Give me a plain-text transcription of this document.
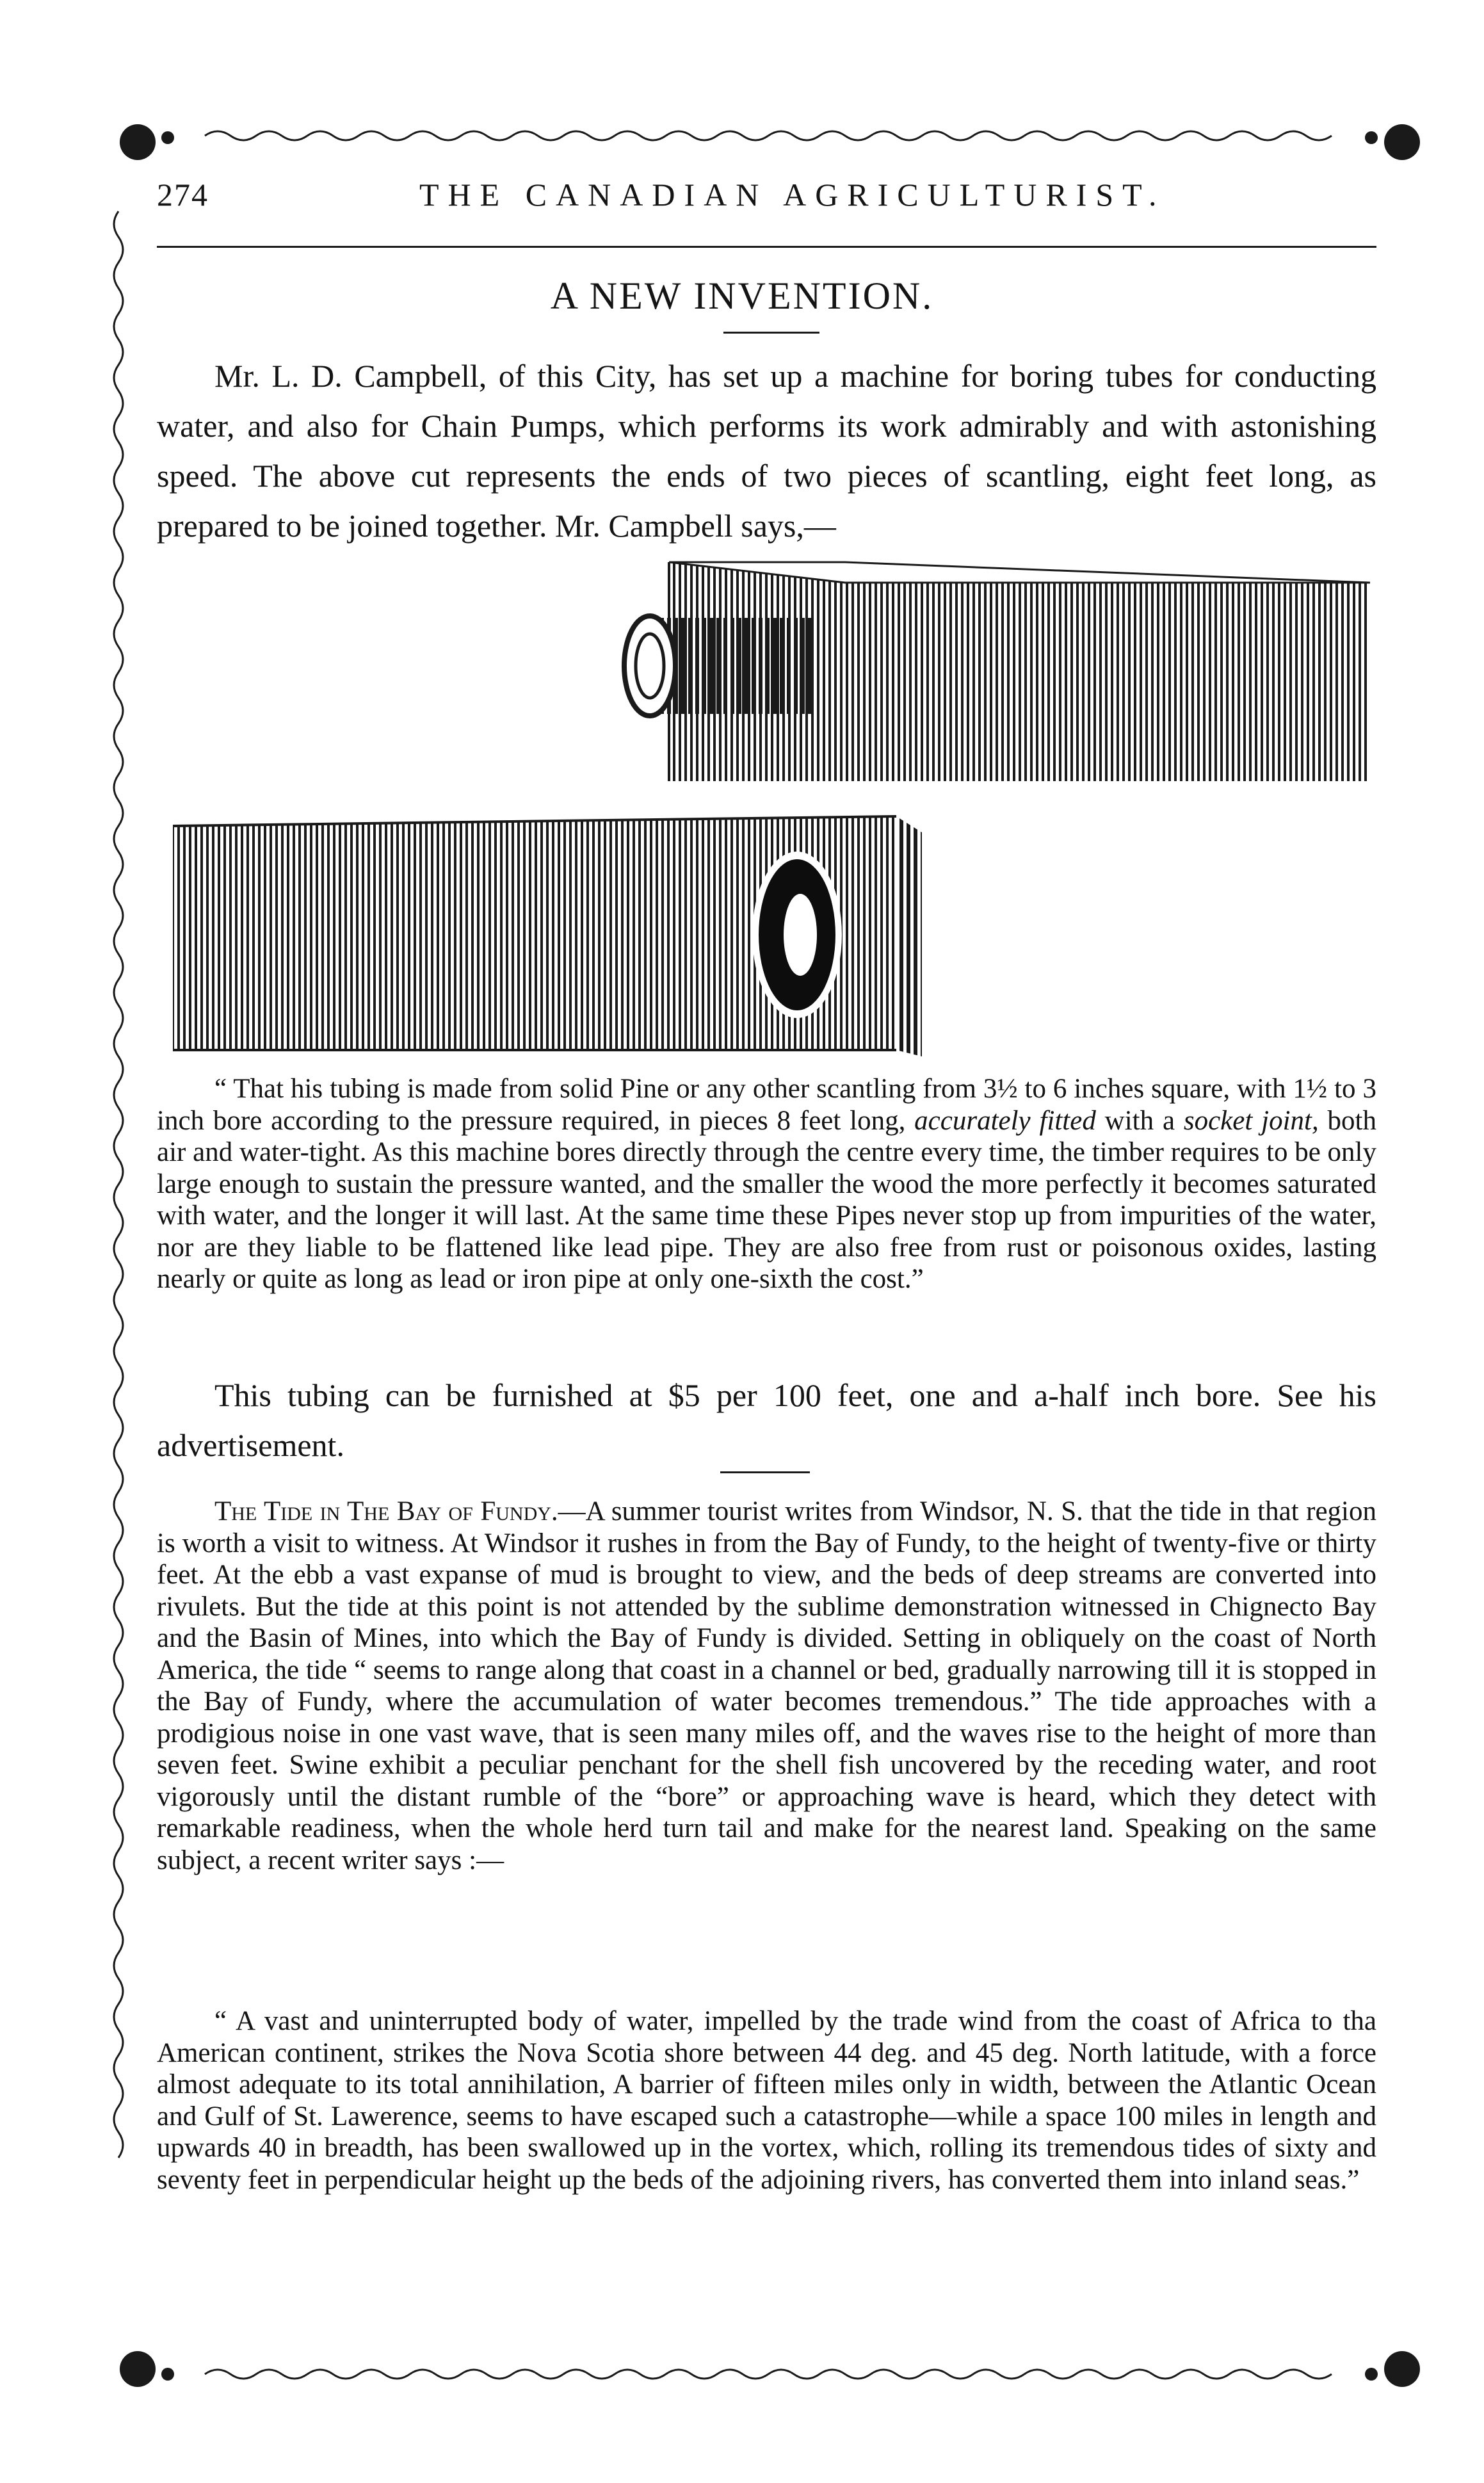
274	THE CANADIAN AGRICULTURIST.
A NEW INVENTION.
Mr. L. D. Campbell, of this City, has set up a machine for boring tubes for conducting water, and also for Chain Pumps, which performs its work admirably and with astonishing speed. The above cut represents the ends of two pieces of scantling, eight feet long, as prepared to be joined together. Mr. Campbell says,—
“ That his tubing is made from solid Pine or any other scantling from 3½ to 6 inches square, with 1½ to 3 inch bore according to the pressure required, in pieces 8 feet long, accurately fitted with a socket joint, both air and water-tight. As this machine bores directly through the centre every time, the timber requires to be only large enough to sustain the pressure wanted, and the smaller the wood the more perfectly it becomes saturated with water, and the longer it will last. At the same time these Pipes never stop up from impurities of the water, nor are they liable to be flattened like lead pipe. They are also free from rust or poisonous oxides, lasting nearly or quite as long as lead or iron pipe at only one-sixth the cost.”
This tubing can be furnished at $5 per 100 feet, one and a-half inch bore. See his advertisement.
The Tide in The Bay of Fundy.—A summer tourist writes from Windsor, N. S. that the tide in that region is worth a visit to witness. At Windsor it rushes in from the Bay of Fundy, to the height of twenty-five or thirty feet. At the ebb a vast expanse of mud is brought to view, and the beds of deep streams are converted into rivulets. But the tide at this point is not attended by the sublime demonstration witnessed in Chignecto Bay and the Basin of Mines, into which the Bay of Fundy is divided. Setting in obliquely on the coast of North America, the tide “ seems to range along that coast in a channel or bed, gradually narrowing till it is stopped in the Bay of Fundy, where the accumulation of water becomes tremendous.” The tide approaches with a prodigious noise in one vast wave, that is seen many miles off, and the waves rise to the height of more than seven feet. Swine exhibit a peculiar penchant for the shell fish uncovered by the receding water, and root vigorously until the distant rumble of the “bore” or approaching wave is heard, which they detect with remarkable readiness, when the whole herd turn tail and make for the nearest land. Speaking on the same subject, a recent writer says :—
“ A vast and uninterrupted body of water, impelled by the trade wind from the coast of Africa to tha American continent, strikes the Nova Scotia shore between 44 deg. and 45 deg. North latitude, with a force almost adequate to its total annihilation, A barrier of fifteen miles only in width, between the Atlantic Ocean and Gulf of St. Lawerence, seems to have escaped such a catastrophe—while a space 100 miles in length and upwards 40 in breadth, has been swallowed up in the vortex, which, rolling its tremendous tides of sixty and seventy feet in perpendicular height up the beds of the adjoining rivers, has converted them into inland seas.”
